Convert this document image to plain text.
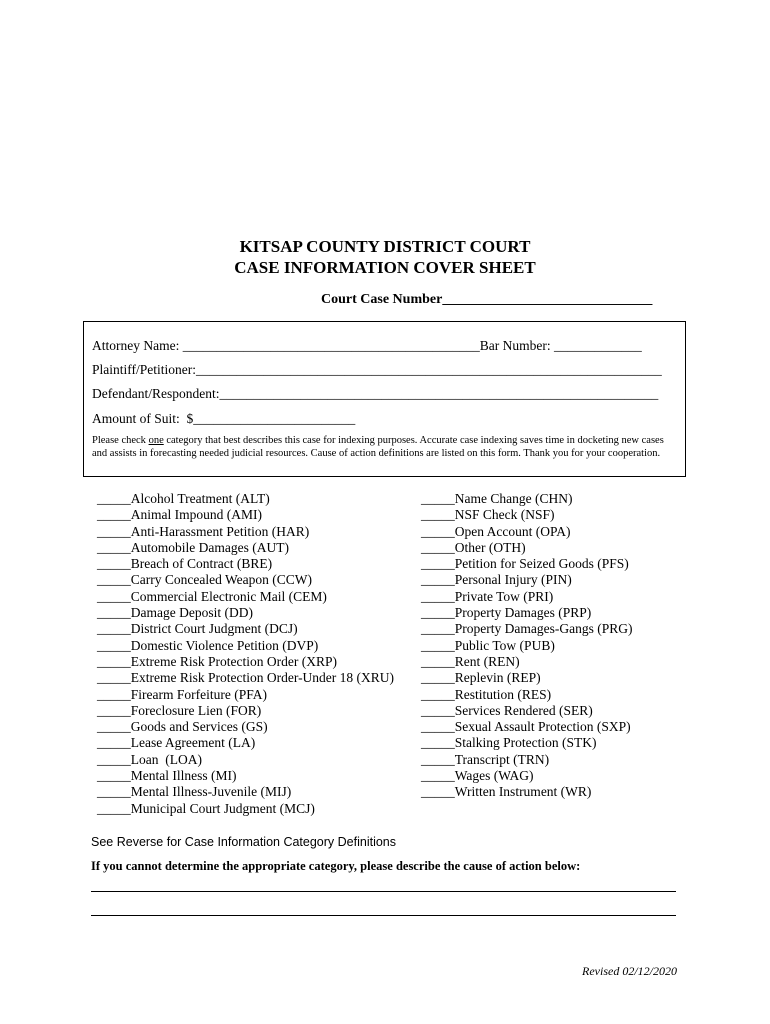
KITSAP COUNTY DISTRICT COURT
CASE INFORMATION COVER SHEET
Court Case Number______________________________
Attorney Name: ____________________________________________Bar Number: _____________
Plaintiff/Petitioner:_____________________________________________________________________
Defendant/Respondent:_________________________________________________________________
Amount of Suit:  $________________________
Please check one category that best describes this case for indexing purposes. Accurate case indexing saves time in docketing new cases and assists in forecasting needed judicial resources. Cause of action definitions are listed on this form. Thank you for your cooperation.
_____Alcohol Treatment (ALT)
_____Animal Impound (AMI)
_____Anti-Harassment Petition (HAR)
_____Automobile Damages (AUT)
_____Breach of Contract (BRE)
_____Carry Concealed Weapon (CCW)
_____Commercial Electronic Mail (CEM)
_____Damage Deposit (DD)
_____District Court Judgment (DCJ)
_____Domestic Violence Petition (DVP)
_____Extreme Risk Protection Order (XRP)
_____Extreme Risk Protection Order-Under 18 (XRU)
_____Firearm Forfeiture (PFA)
_____Foreclosure Lien (FOR)
_____Goods and Services (GS)
_____Lease Agreement (LA)
_____Loan  (LOA)
_____Mental Illness (MI)
_____Mental Illness-Juvenile (MIJ)
_____Municipal Court Judgment (MCJ)
_____Name Change (CHN)
_____NSF Check (NSF)
_____Open Account (OPA)
_____Other (OTH)
_____Petition for Seized Goods (PFS)
_____Personal Injury (PIN)
_____Private Tow (PRI)
_____Property Damages (PRP)
_____Property Damages-Gangs (PRG)
_____Public Tow (PUB)
_____Rent (REN)
_____Replevin (REP)
_____Restitution (RES)
_____Services Rendered (SER)
_____Sexual Assault Protection (SXP)
_____Stalking Protection (STK)
_____Transcript (TRN)
_____Wages (WAG)
_____Written Instrument (WR)
See Reverse for Case Information Category Definitions
If you cannot determine the appropriate category, please describe the cause of action below:
Revised 02/12/2020
